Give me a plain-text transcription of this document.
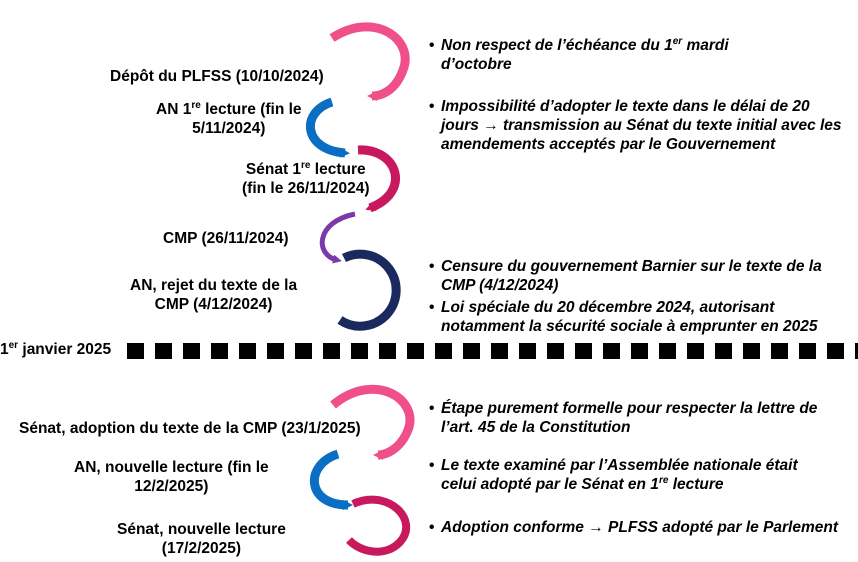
Dépôt du PLFSS (10/10/2024)
AN 1re lecture (fin le
5/11/2024)
Sénat 1re lecture
(fin le 26/11/2024)
CMP (26/11/2024)
AN, rejet du texte de la
CMP (4/12/2024)
1er janvier 2025
Sénat, adoption du texte de la CMP (23/1/2025)
AN, nouvelle lecture (fin le
12/2/2025)
Sénat, nouvelle lecture
(17/2/2025)
• Non respect de l’échéance du 1er mardi
d’octobre
• Impossibilité d’adopter le texte dans le délai de 20
jours → transmission au Sénat du texte initial avec les
amendements acceptés par le Gouvernement
• Censure du gouvernement Barnier sur le texte de la
CMP (4/12/2024)
• Loi spéciale du 20 décembre 2024, autorisant
notamment la sécurité sociale à emprunter en 2025
• Étape purement formelle pour respecter la lettre de
l’art. 45 de la Constitution
• Le texte examiné par l’Assemblée nationale était
celui adopté par le Sénat en 1re lecture
• Adoption conforme → PLFSS adopté par le Parlement
